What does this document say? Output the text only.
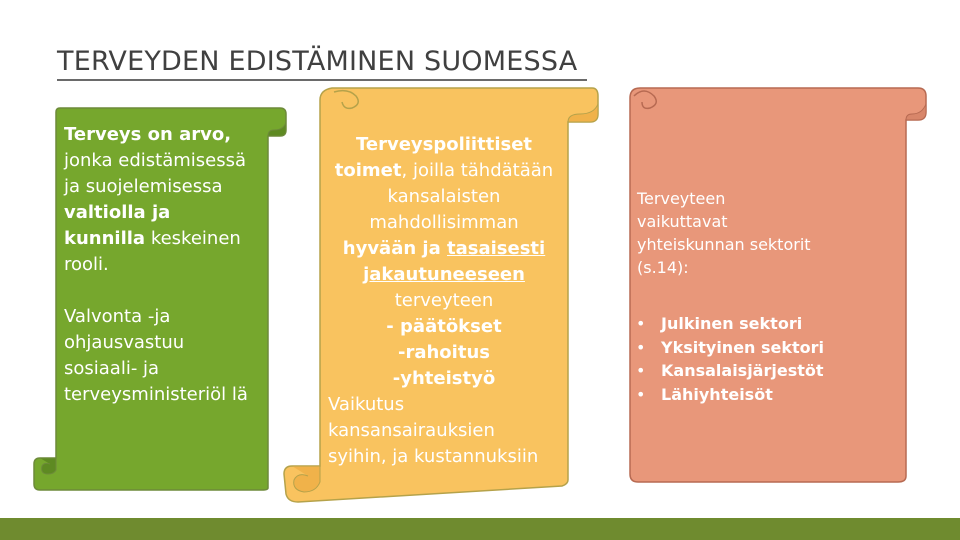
TERVEYDEN EDISTÄMINEN SUOMESSA

Terveys on arvo, jonka edistämisessä ja suojelemisessa valtiolla ja kunnilla keskeinen rooli.

Valvonta -ja ohjausvastuu sosiaali- ja terveysministeriöl lä

Terveyspoliittiset
toimet, joilla tähdätään
kansalaisten
mahdollisimman
hyvään ja tasaisesti
jakautuneeseen
terveyteen
- päätökset
-rahoitus
-yhteistyö
Vaikutus
kansansairauksien
syihin, ja kustannuksiin
Terveyteen vaikuttavat yhteiskunnan sektorit (s.14):
• Julkinen sektori
• Yksityinen sektori
• Kansalaisjärjestöt
• Lähiyhteisöt
